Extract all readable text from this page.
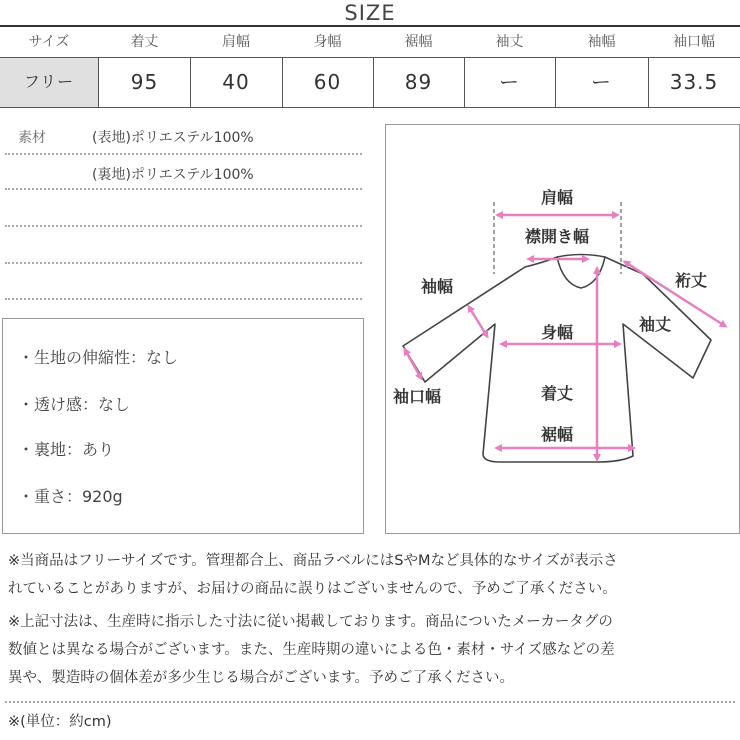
SIZE
サイズ	着丈	肩幅	身幅	裾幅	袖丈	袖幅	袖口幅
フリー	95	40	60	89	ー	ー	33.5
素材	(表地)ポリエステル100%
(裏地)ポリエステル100%
・生地の伸縮性：なし
・透け感：なし
・裏地：あり
・重さ：920g
肩幅
襟開き幅
袖幅	裄丈
袖丈
身幅
袖口幅	着丈
裾幅
※当商品はフリーサイズです。管理都合上、商品ラベルにはSやMなど具体的なサイズが表示さ
れていることがありますが、お届けの商品に誤りはございませんので、予めご了承ください。
※上記寸法は、生産時に指示した寸法に従い掲載しております。商品についたメーカータグの
数値とは異なる場合がございます。また、生産時期の違いによる色・素材・サイズ感などの差
異や、製造時の個体差が多少生じる場合がございます。予めご了承ください。
※(単位：約cm)
